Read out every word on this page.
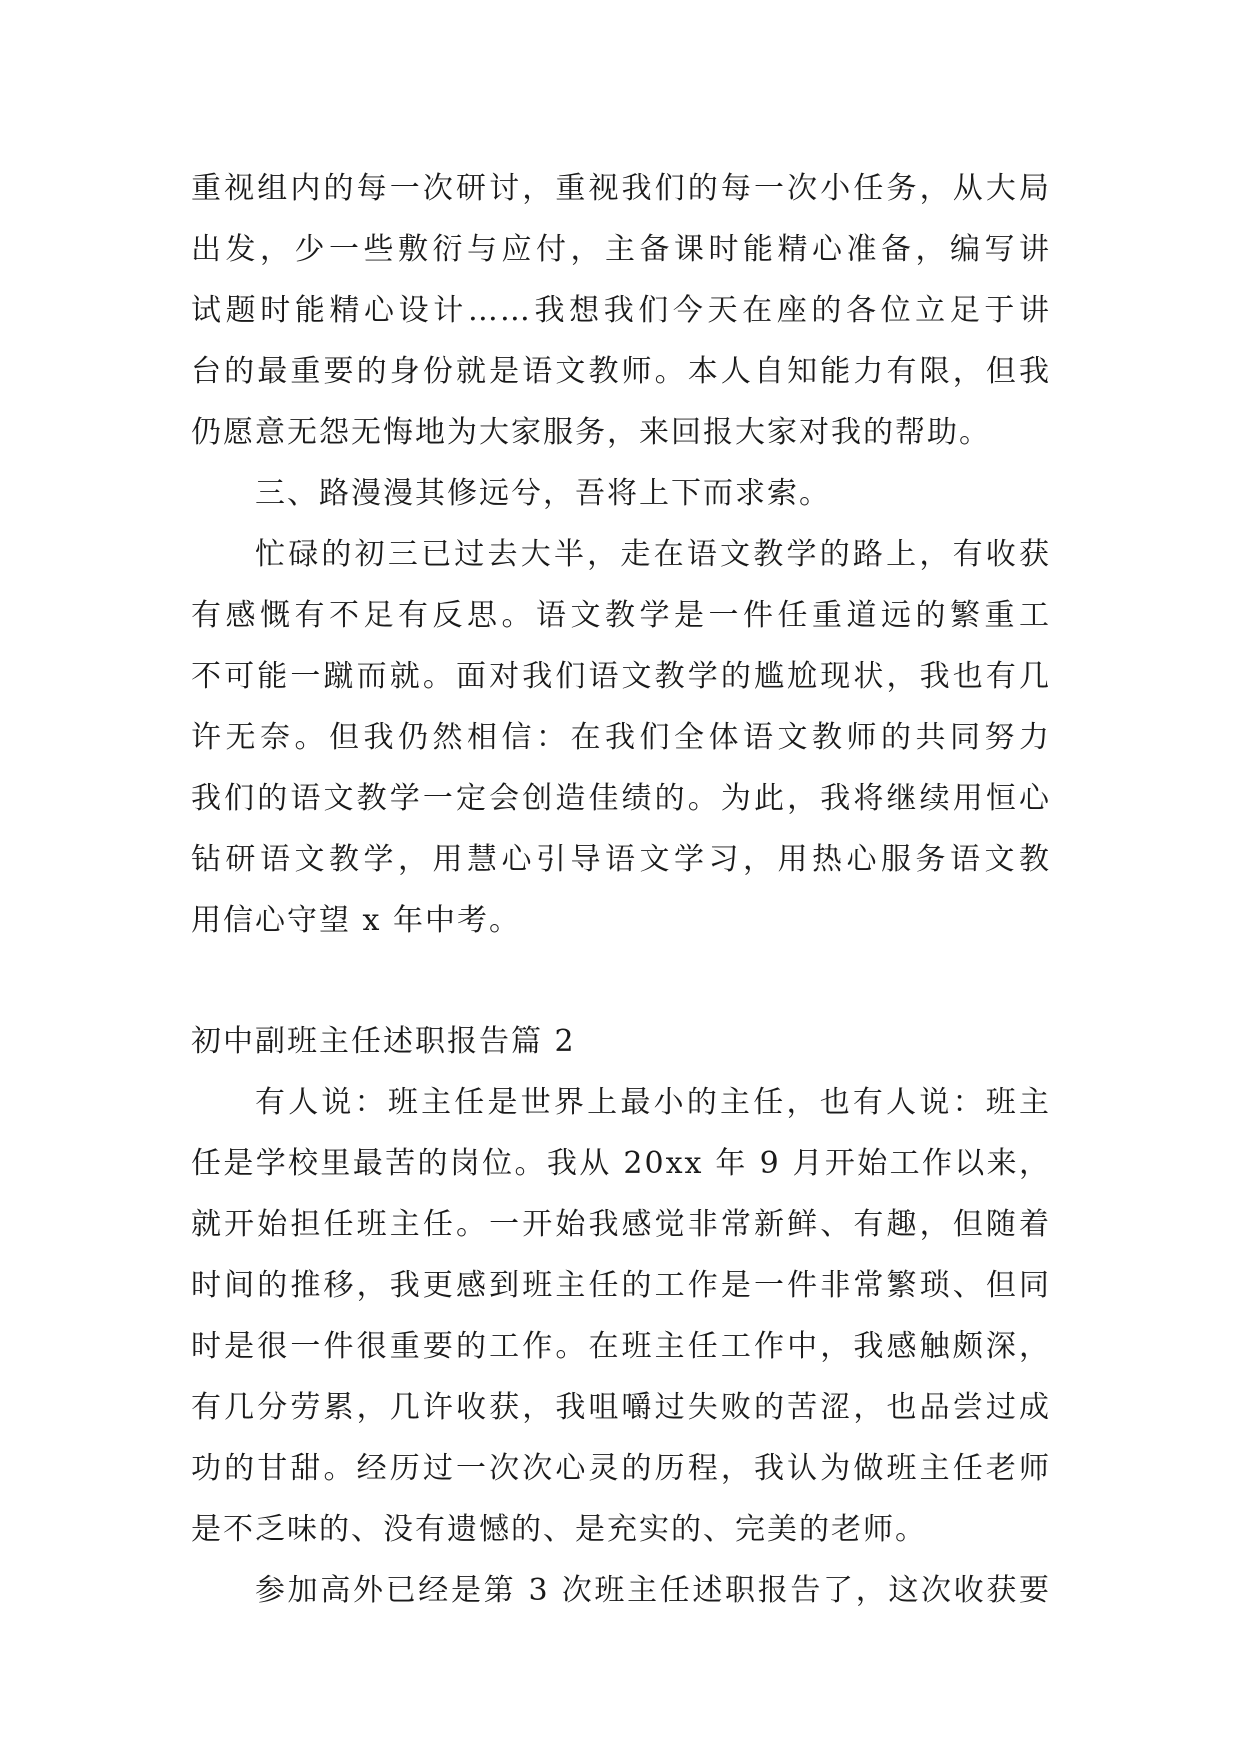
重视组内的每一次研讨，重视我们的每一次小任务，从大局
出发，少一些敷衍与应付，主备课时能精心准备，编写讲
试题时能精心设计……我想我们今天在座的各位立足于讲
台的最重要的身份就是语文教师。本人自知能力有限，但我
仍愿意无怨无悔地为大家服务，来回报大家对我的帮助。
三、路漫漫其修远兮，吾将上下而求索。
忙碌的初三已过去大半，走在语文教学的路上，有收获
有感慨有不足有反思。语文教学是一件任重道远的繁重工
不可能一蹴而就。面对我们语文教学的尴尬现状，我也有几
许无奈。但我仍然相信：在我们全体语文教师的共同努力
我们的语文教学一定会创造佳绩的。为此，我将继续用恒心
钻研语文教学，用慧心引导语文学习，用热心服务语文教
用信心守望 x 年中考。
初中副班主任述职报告篇 2
有人说：班主任是世界上最小的主任，也有人说：班主
任是学校里最苦的岗位。我从 20xx 年 9 月开始工作以来，
就开始担任班主任。一开始我感觉非常新鲜、有趣，但随着
时间的推移，我更感到班主任的工作是一件非常繁琐、但同
时是很一件很重要的工作。在班主任工作中，我感触颇深，
有几分劳累，几许收获，我咀嚼过失败的苦涩，也品尝过成
功的甘甜。经历过一次次心灵的历程，我认为做班主任老师
是不乏味的、没有遗憾的、是充实的、完美的老师。
参加高外已经是第 3 次班主任述职报告了，这次收获要
